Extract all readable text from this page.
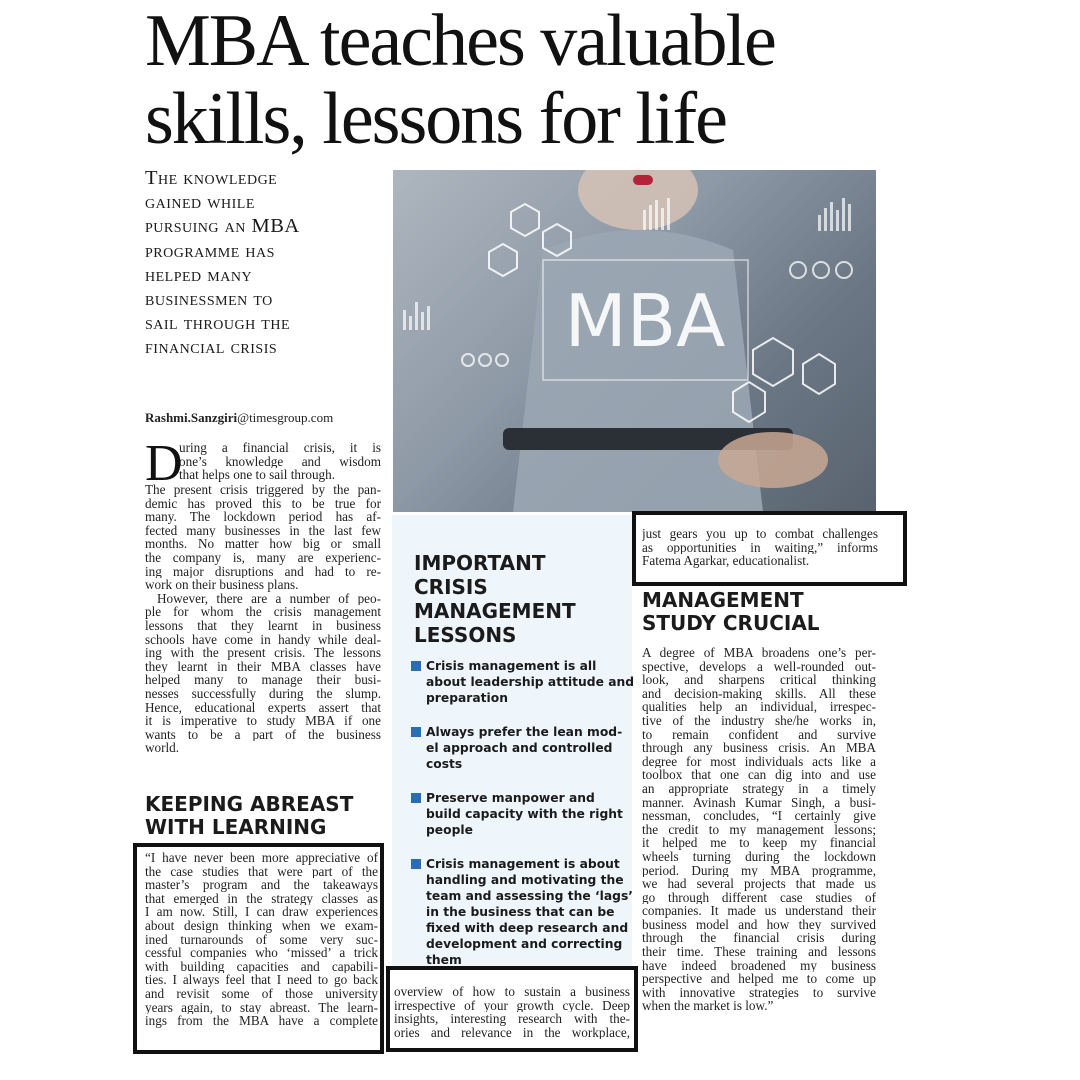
MBA teaches valuable
skills, lessons for life
The knowledge
gained while
pursuing an MBA
programme has
helped many
businessmen to
sail through the
financial crisis
Rashmi.Sanzgiri@timesgroup.com
D
uring a financial crisis, it is
one’s knowledge and wisdom
that helps one to sail through.
The present crisis triggered by the pan-
demic has proved this to be true for
many. The lockdown period has af-
fected many businesses in the last few
months. No matter how big or small
the company is, many are experienc-
ing major disruptions and had to re-
work on their business plans.
However, there are a number of peo-
ple for whom the crisis management
lessons that they learnt in business
schools have come in handy while deal-
ing with the present crisis. The lessons
they learnt in their MBA classes have
helped many to manage their busi-
nesses successfully during the slump.
Hence, educational experts assert that
it is imperative to study MBA if one
wants to be a part of the business
world.
KEEPING ABREAST
WITH LEARNING
“I have never been more appreciative of
the case studies that were part of the
master’s program and the takeaways
that emerged in the strategy classes as
I am now. Still, I can draw experiences
about design thinking when we exam-
ined turnarounds of some very suc-
cessful companies who ‘missed’ a trick
with building capacities and capabili-
ties. I always feel that I need to go back
and revisit some of those university
years again, to stay abreast. The learn-
ings from the MBA have a complete
MBA
IMPORTANT
CRISIS
MANAGEMENT
LESSONS
Crisis management is all
about leadership attitude and
preparation
Always prefer the lean mod-
el approach and controlled
costs
Preserve manpower and
build capacity with the right
people
Crisis management is about
handling and motivating the
team and assessing the ‘lags’
in the business that can be
fixed with deep research and
development and correcting
them
overview of how to sustain a business
irrespective of your growth cycle. Deep
insights, interesting research with the-
ories and relevance in the workplace,
just gears you up to combat challenges
as opportunities in waiting,” informs
Fatema Agarkar, educationalist.
MANAGEMENT
STUDY CRUCIAL
A degree of MBA broadens one’s per-
spective, develops a well-rounded out-
look, and sharpens critical thinking
and decision-making skills. All these
qualities help an individual, irrespec-
tive of the industry she/he works in,
to remain confident and survive
through any business crisis. An MBA
degree for most individuals acts like a
toolbox that one can dig into and use
an appropriate strategy in a timely
manner. Avinash Kumar Singh, a busi-
nessman, concludes, “I certainly give
the credit to my management lessons;
it helped me to keep my financial
wheels turning during the lockdown
period. During my MBA programme,
we had several projects that made us
go through different case studies of
companies. It made us understand their
business model and how they survived
through the financial crisis during
their time. These training and lessons
have indeed broadened my business
perspective and helped me to come up
with innovative strategies to survive
when the market is low.”
